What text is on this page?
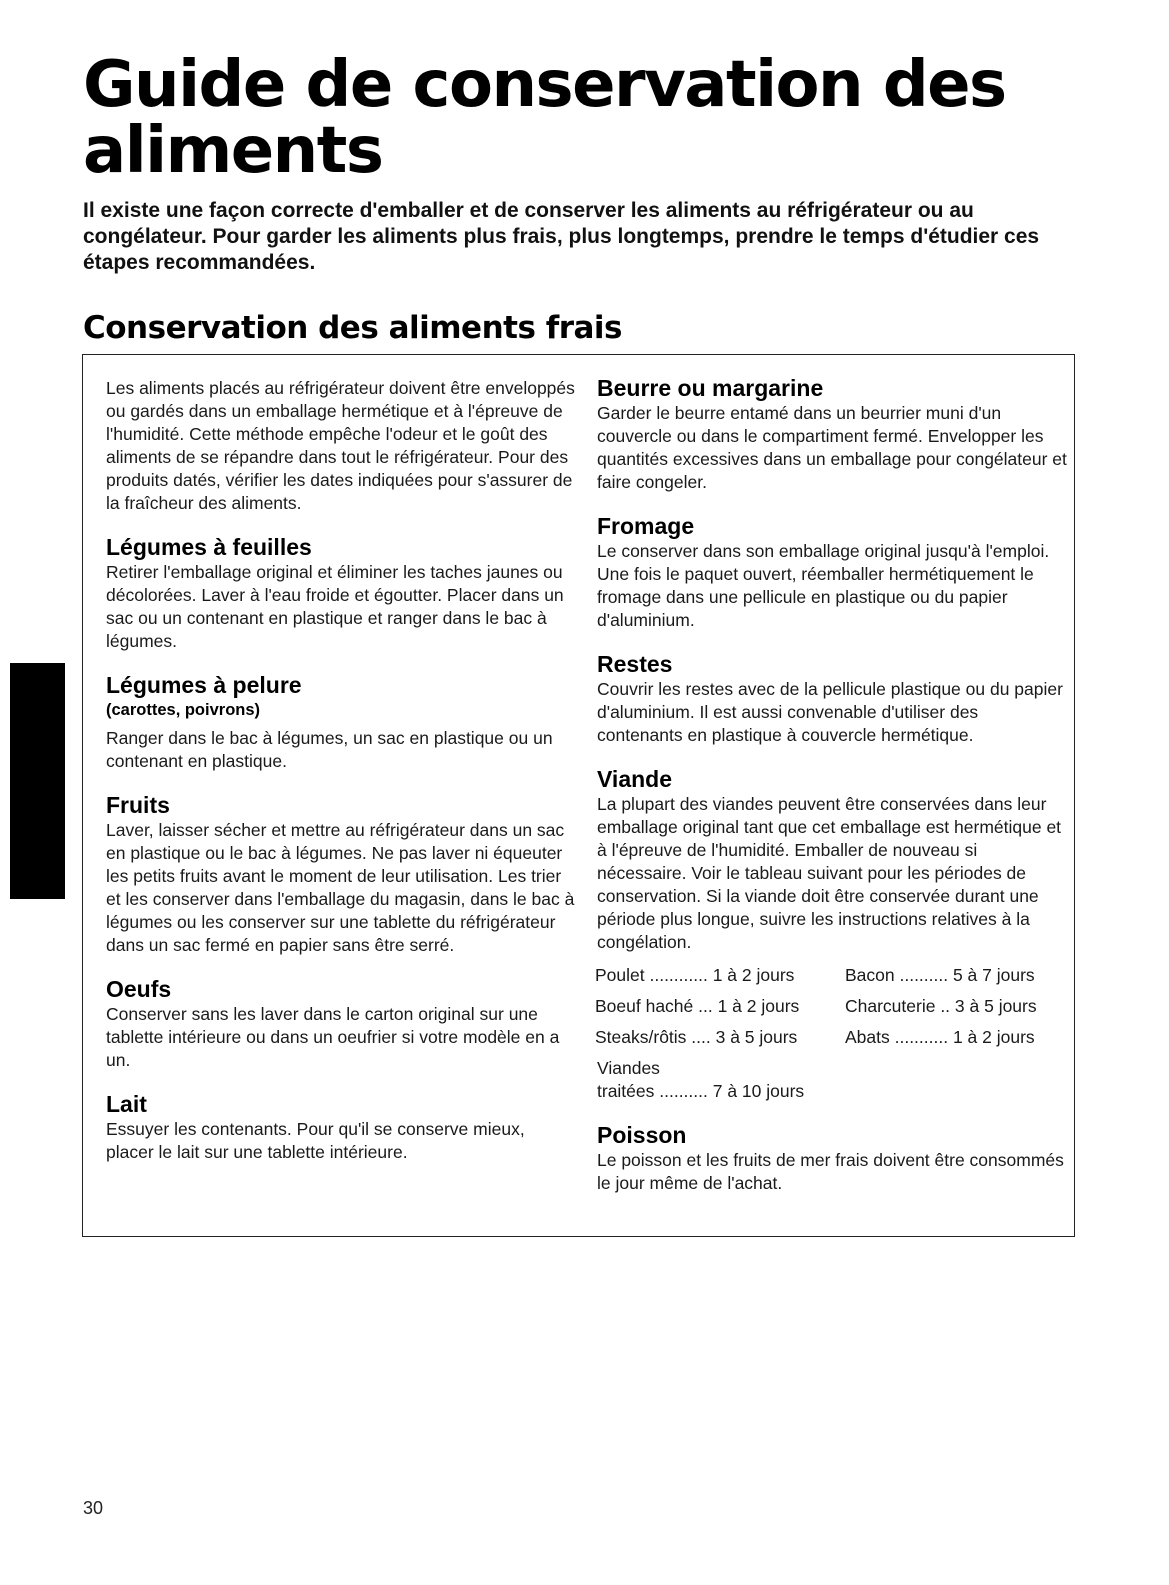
Guide de conservation des aliments

Il existe une façon correcte d'emballer et de conserver les aliments au réfrigérateur ou au congélateur. Pour garder les aliments plus frais, plus longtemps, prendre le temps d'étudier ces étapes recommandées.

Conservation des aliments frais

Les aliments placés au réfrigérateur doivent être enveloppés ou gardés dans un emballage hermétique et à l'épreuve de l'humidité. Cette méthode empêche l'odeur et le goût des aliments de se répandre dans tout le réfrigérateur. Pour des produits datés, vérifier les dates indiquées pour s'assurer de la fraîcheur des aliments.

Légumes à feuilles

Retirer l'emballage original et éliminer les taches jaunes ou décolorées. Laver à l'eau froide et égoutter. Placer dans un sac ou un contenant en plastique et ranger dans le bac à légumes.

Légumes à pelure

(carottes, poivrons)

Ranger dans le bac à légumes, un sac en plastique ou un contenant en plastique.

Fruits

Laver, laisser sécher et mettre au réfrigérateur dans un sac en plastique ou le bac à légumes. Ne pas laver ni équeuter les petits fruits avant le moment de leur utilisation. Les trier et les conserver dans l'emballage du magasin, dans le bac à légumes ou les conserver sur une tablette du réfrigérateur dans un sac fermé en papier sans être serré.

Oeufs

Conserver sans les laver dans le carton original sur une tablette intérieure ou dans un oeufrier si votre modèle en a un.

Lait

Essuyer les contenants. Pour qu'il se conserve mieux, placer le lait sur une tablette intérieure.

Beurre ou margarine

Garder le beurre entamé dans un beurrier muni d'un couvercle ou dans le compartiment fermé. Envelopper les quantités excessives dans un emballage pour congélateur et faire congeler.

Fromage

Le conserver dans son emballage original jusqu'à l'emploi. Une fois le paquet ouvert, réemballer hermétiquement le fromage dans une pellicule en plastique ou du papier d'aluminium.

Restes

Couvrir les restes avec de la pellicule plastique ou du papier d'aluminium. Il est aussi convenable d'utiliser des contenants en plastique à couvercle hermétique.

Viande

La plupart des viandes peuvent être conservées dans leur emballage original tant que cet emballage est hermétique et à l'épreuve de l'humidité. Emballer de nouveau si nécessaire. Voir le tableau suivant pour les périodes de conservation. Si la viande doit être conservée durant une période plus longue, suivre les instructions relatives à la congélation.

Poulet ............ 1 à 2 jours	Bacon .......... 5 à 7 jours
Boeuf haché ... 1 à 2 jours	Charcuterie .. 3 à 5 jours
Steaks/rôtis .... 3 à 5 jours	Abats ........... 1 à 2 jours

Viandes

traitées .......... 7 à 10 jours

Poisson

Le poisson et les fruits de mer frais doivent être consommés le jour même de l'achat.

30
